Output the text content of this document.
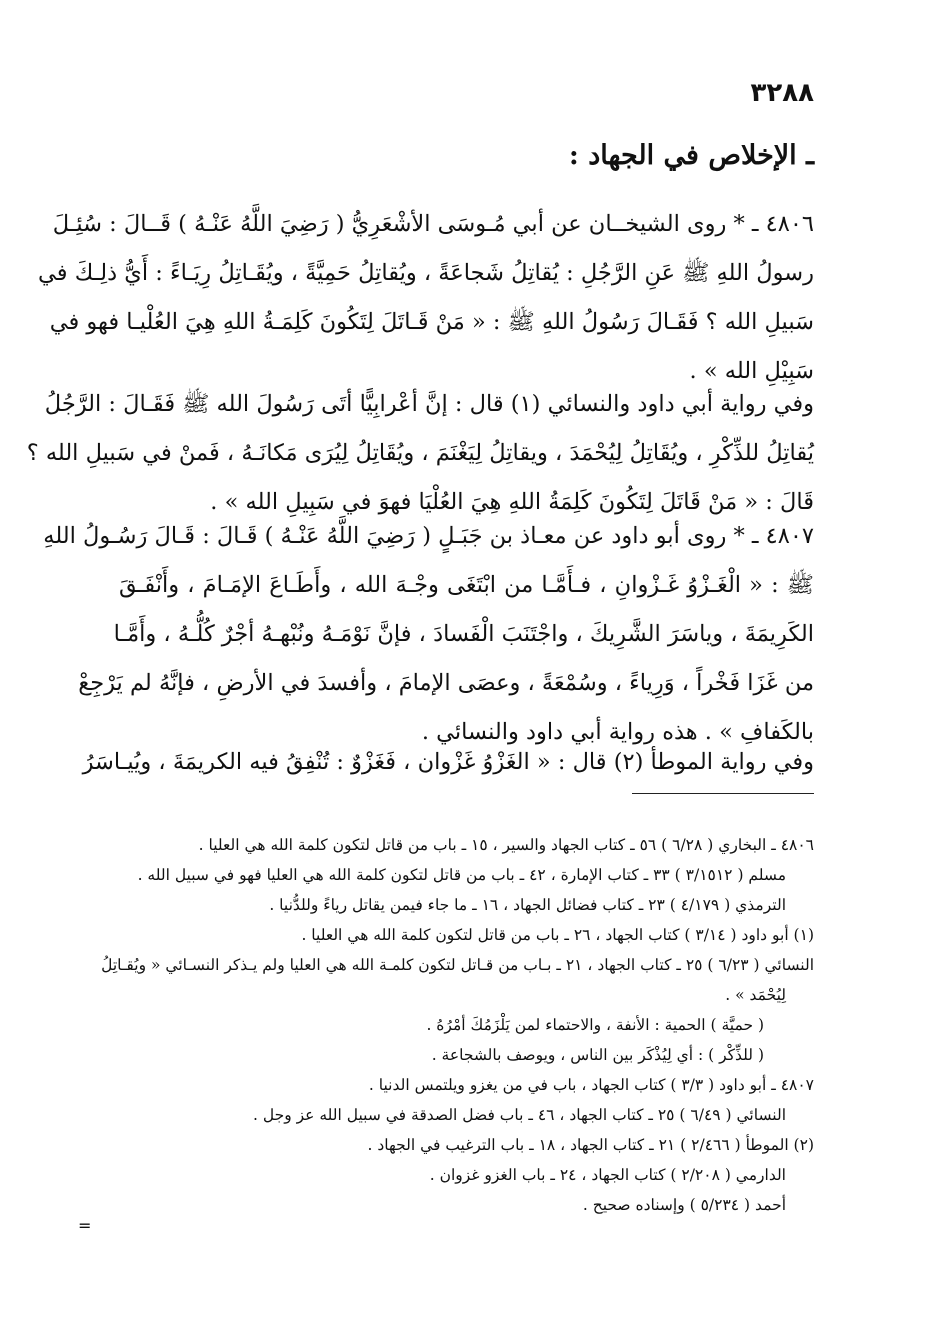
٣٢٨٨
ـ الإخلاص في الجهاد :
٤٨٠٦ ـ * روى الشيخــان عن أبي مُـوسَى الأشْعَرِيُّ ( رَضِيَ اللَّهُ عَنْـهُ ) قَــالَ : سُئِـلَ
رسولُ اللهِ ﷺ عَنِ الرَّجُلِ : يُقاتِلُ شَجاعَةً ، ويُقاتِلُ حَمِيَّةً ، ويُقَـاتِلُ رِيَـاءً : أَيُّ ذلِـكَ في
سَبيلِ الله ؟ فَقَـالَ رَسُولُ اللهِ ﷺ : « مَنْ قَـاتَلَ لِتَكُونَ كَلِمَـةُ اللهِ هِيَ العُلْيـا فهو في
سَبِيْلِ الله » .
وفي رواية أبي داود والنسائي (١) قال : إنَّ أعْرابِيًّا أتَى رَسُولَ الله ﷺ فَقَـالَ : الرَّجُلُ
يُقاتِلُ للذِّكْرِ ، ويُقَاتِلُ لِيُحْمَدَ ، ويقاتِلُ لِيَغْنَمَ ، ويُقَاتِلُ لِيُرَى مَكانَـهُ ، فَمنْ في سَبيلِ الله ؟
قَالَ : « مَنْ قَاتَلَ لِتَكُونَ كَلِمَةُ اللهِ هِيَ العُلْيَا فهوَ في سَبِيلِ الله » .
٤٨٠٧ ـ * روى أبو داود عن معـاذ بن جَبَـلٍ ( رَضِيَ اللَّهُ عَنْـهُ ) قَـالَ : قَـالَ رَسُـولُ اللهِ
ﷺ : « الْغَـزْوُ غَـزْوانِ ، فـأَمَّـا من ابْتَغَى وجْـهَ الله ، وأَطَـاعَ الإمَـامَ ، وأَنْفَـقَ
الكَرِيمَةَ ، وياسَرَ الشَّرِيكَ ، واجْتَنَبَ الْفَسادَ ، فإنَّ نَوْمَـهُ ونُبْهـهُ أجْرٌ كُلُّـهُ ، وأَمَّـا
من غَزَا فَخْراً ، وَرِياءً ، وسُمْعَةً ، وعصَى الإمامَ ، وأفسدَ في الأرضِ ، فإنَّهُ لم يَرْجِعْ
بالكَفافِ » . هذه رواية أبي داود والنسائي .
وفي رواية الموطأ (٢) قال : « الغَزْوُ غَزْوان ، فَغَزْوٌ : تُنْفِقُ فيه الكريمَةَ ، ويُيـاسَرُ
٤٨٠٦ ـ البخاري ( ٦/٢٨ ) ٥٦ ـ كتاب الجهاد والسير ، ١٥ ـ باب من قاتل لتكون كلمة الله هي العليا .
مسلم ( ٣/١٥١٢ ) ٣٣ ـ كتاب الإمارة ، ٤٢ ـ باب من قاتل لتكون كلمة الله هي العليا فهو في سبيل الله .
الترمذي ( ٤/١٧٩ ) ٢٣ ـ كتاب فضائل الجهاد ، ١٦ ـ ما جاء فيمن يقاتل رياءً وللدُّنيا .
(١) أبو داود ( ٣/١٤ ) كتاب الجهاد ، ٢٦ ـ باب من قاتل لتكون كلمة الله هي العليا .
النسائي ( ٦/٢٣ ) ٢٥ ـ كتاب الجهاد ، ٢١ ـ بـاب من قـاتل لتكون كلمـة الله هي العليا ولم يـذكر النسـائي « ويُقـاتِلُ
لِيُحْمَد » .
( حميَّة ) الحمية : الأنفة ، والاحتماء لمن يَلْزَمُكَ أمْرُهُ .
( للذِّكْر ) : أي لِيُذْكَر بين الناس ، ويوصف بالشجاعة .
٤٨٠٧ ـ أبو داود ( ٣/٣ ) كتاب الجهاد ، باب في من يغزو ويلتمس الدنيا .
النسائي ( ٦/٤٩ ) ٢٥ ـ كتاب الجهاد ، ٤٦ ـ باب فضل الصدقة في سبيل الله عز وجل .
(٢) الموطأ ( ٢/٤٦٦ ) ٢١ ـ كتاب الجهاد ، ١٨ ـ باب الترغيب في الجهاد .
الدارمي ( ٢/٢٠٨ ) كتاب الجهاد ، ٢٤ ـ باب الغزو غزوان .
أحمد ( ٥/٢٣٤ ) وإسناده صحيح .
=
